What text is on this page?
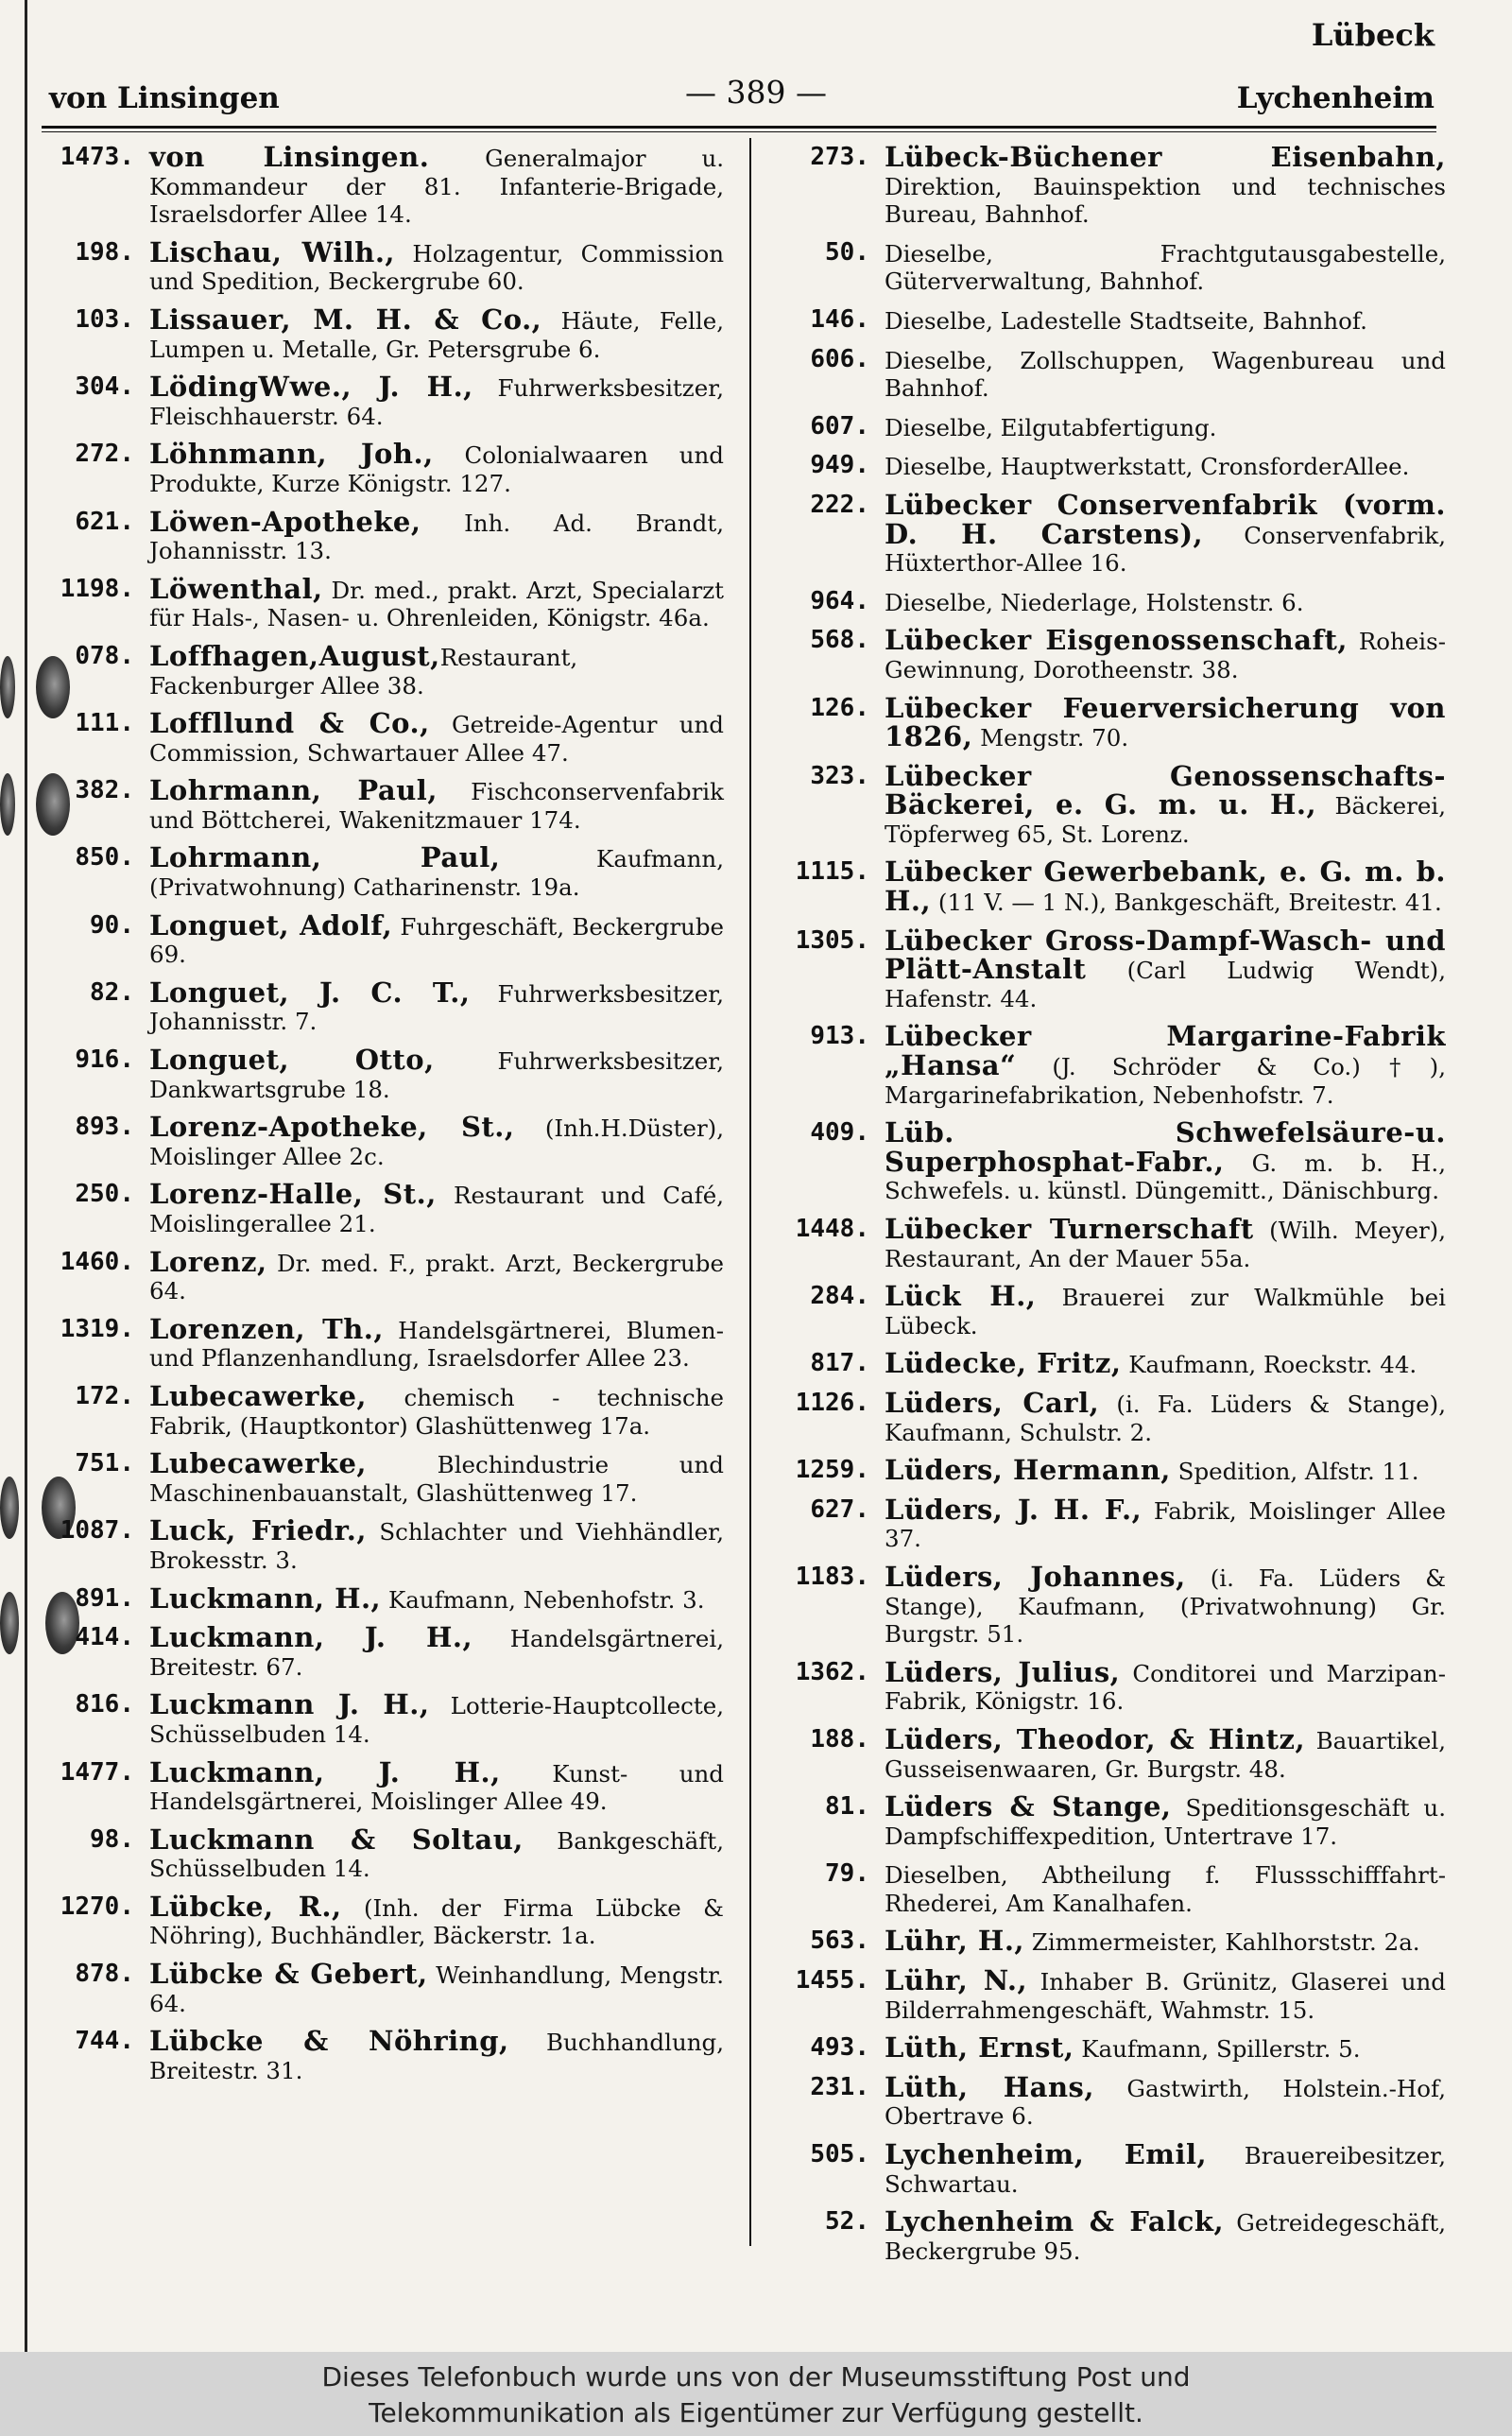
Lübeck
von Linsingen	— 389 —	Lychenheim
1473. von Linsingen. Generalmajor u. Kommandeur der 81. Infanterie-Brigade, Israelsdorfer Allee 14.
198. Lischau, Wilh., Holzagentur, Commission und Spedition, Beckergrube 60.
103. Lissauer, M. H. & Co., Häute, Felle, Lumpen u. Metalle, Gr. Petersgrube 6.
304. LödingWwe., J. H., Fuhrwerksbesitzer, Fleischhauerstr. 64.
272. Löhnmann, Joh., Colonialwaaren und Produkte, Kurze Königstr. 127.
621. Löwen-Apotheke, Inh. Ad. Brandt, Johannisstr. 13.
1198. Löwenthal, Dr. med., prakt. Arzt, Specialarzt für Hals-, Nasen- u. Ohrenleiden, Königstr. 46a.
078. Loffhagen,August,Restaurant, Fackenburger Allee 38.
111. Loffllund & Co., Getreide-Agentur und Commission, Schwartauer Allee 47.
382. Lohrmann, Paul, Fischconservenfabrik und Böttcherei, Wakenitzmauer 174.
850. Lohrmann, Paul, Kaufmann, (Privatwohnung) Catharinenstr. 19a.
90. Longuet, Adolf, Fuhrgeschäft, Beckergrube 69.
82. Longuet, J. C. T., Fuhrwerksbesitzer, Johannisstr. 7.
916. Longuet, Otto, Fuhrwerksbesitzer, Dankwartsgrube 18.
893. Lorenz-Apotheke, St., (Inh.H.Düster), Moislinger Allee 2c.
250. Lorenz-Halle, St., Restaurant und Café, Moislingerallee 21.
1460. Lorenz, Dr. med. F., prakt. Arzt, Beckergrube 64.
1319. Lorenzen, Th., Handelsgärtnerei, Blumen- und Pflanzenhandlung, Israelsdorfer Allee 23.
172. Lubecawerke, chemisch - technische Fabrik, (Hauptkontor) Glashüttenweg 17a.
751. Lubecawerke, Blechindustrie und Maschinenbauanstalt, Glashüttenweg 17.
1087. Luck, Friedr., Schlachter und Viehhändler, Brokesstr. 3.
891. Luckmann, H., Kaufmann, Nebenhofstr. 3.
414. Luckmann, J. H., Handelsgärtnerei, Breitestr. 67.
816. Luckmann J. H., Lotterie-Hauptcollecte, Schüsselbuden 14.
1477. Luckmann, J. H., Kunst- und Handelsgärtnerei, Moislinger Allee 49.
98. Luckmann & Soltau, Bankgeschäft, Schüsselbuden 14.
1270. Lübcke, R., (Inh. der Firma Lübcke & Nöhring), Buchhändler, Bäckerstr. 1a.
878. Lübcke & Gebert, Weinhandlung, Mengstr. 64.
744. Lübcke & Nöhring, Buchhandlung, Breitestr. 31.
273. Lübeck-Büchener Eisenbahn, Direktion, Bauinspektion und technisches Bureau, Bahnhof.
50. Dieselbe, Frachtgutausgabestelle, Güterverwaltung, Bahnhof.
146. Dieselbe, Ladestelle Stadtseite, Bahnhof.
606. Dieselbe, Zollschuppen, Wagenbureau und Bahnhof.
607. Dieselbe, Eilgutabfertigung.
949. Dieselbe, Hauptwerkstatt, CronsforderAllee.
222. Lübecker Conservenfabrik (vorm. D. H. Carstens), Conservenfabrik, Hüxterthor-Allee 16.
964. Dieselbe, Niederlage, Holstenstr. 6.
568. Lübecker Eisgenossenschaft, Roheis-Gewinnung, Dorotheenstr. 38.
126. Lübecker Feuerversicherung von 1826, Mengstr. 70.
323. Lübecker Genossenschafts-Bäckerei, e. G. m. u. H., Bäckerei, Töpferweg 65, St. Lorenz.
1115. Lübecker Gewerbebank, e. G. m. b. H., (11 V. — 1 N.), Bankgeschäft, Breitestr. 41.
1305. Lübecker Gross-Dampf-Wasch- und Plätt-Anstalt (Carl Ludwig Wendt), Hafenstr. 44.
913. Lübecker Margarine-Fabrik „Hansa“ (J. Schröder & Co.)†), Margarinefabrikation, Nebenhofstr. 7.
409. Lüb. Schwefelsäure-u. Superphosphat-Fabr., G. m. b. H., Schwefels. u. künstl. Düngemitt., Dänischburg.
1448. Lübecker Turnerschaft (Wilh. Meyer), Restaurant, An der Mauer 55a.
284. Lück H., Brauerei zur Walkmühle bei Lübeck.
817. Lüdecke, Fritz, Kaufmann, Roeckstr. 44.
1126. Lüders, Carl, (i. Fa. Lüders & Stange), Kaufmann, Schulstr. 2.
1259. Lüders, Hermann, Spedition, Alfstr. 11.
627. Lüders, J. H. F., Fabrik, Moislinger Allee 37.
1183. Lüders, Johannes, (i. Fa. Lüders & Stange), Kaufmann, (Privatwohnung) Gr. Burgstr. 51.
1362. Lüders, Julius, Conditorei und Marzipan-Fabrik, Königstr. 16.
188. Lüders, Theodor, & Hintz, Bauartikel, Gusseisenwaaren, Gr. Burgstr. 48.
81. Lüders & Stange, Speditionsgeschäft u. Dampfschiffexpedition, Untertrave 17.
79. Dieselben, Abtheilung f. Flussschifffahrt-Rhederei, Am Kanalhafen.
563. Lühr, H., Zimmermeister, Kahlhorststr. 2a.
1455. Lühr, N., Inhaber B. Grünitz, Glaserei und Bilderrahmengeschäft, Wahmstr. 15.
493. Lüth, Ernst, Kaufmann, Spillerstr. 5.
231. Lüth, Hans, Gastwirth, Holstein.-Hof, Obertrave 6.
505. Lychenheim, Emil, Brauereibesitzer, Schwartau.
52. Lychenheim & Falck, Getreidegeschäft, Beckergrube 95.
Dieses Telefonbuch wurde uns von der Museumsstiftung Post und
Telekommunikation als Eigentümer zur Verfügung gestellt.
